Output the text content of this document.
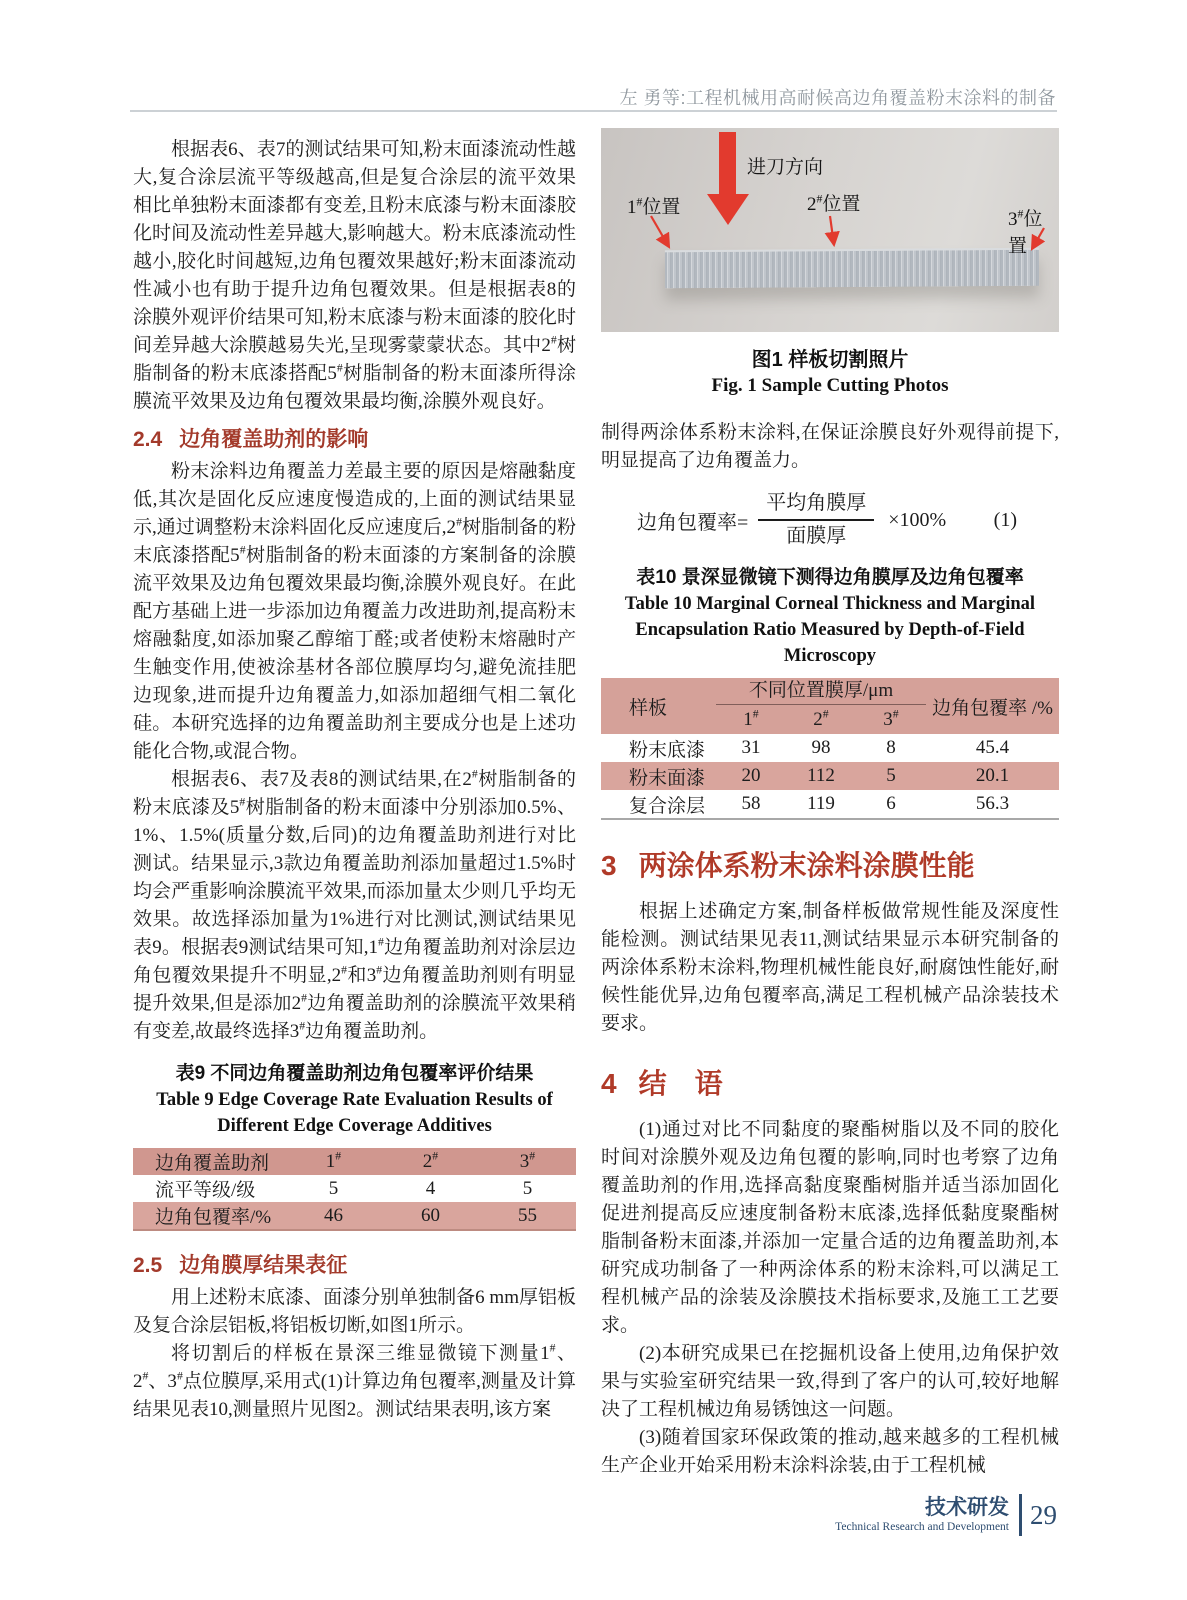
左 勇等:工程机械用高耐候高边角覆盖粉末涂料的制备

根据表6、表7的测试结果可知,粉末面漆流动性越大,复合涂层流平等级越高,但是复合涂层的流平效果相比单独粉末面漆都有变差,且粉末底漆与粉末面漆胶化时间及流动性差异越大,影响越大。粉末底漆流动性越小,胶化时间越短,边角包覆效果越好;粉末面漆流动性减小也有助于提升边角包覆效果。但是根据表8的涂膜外观评价结果可知,粉末底漆与粉末面漆的胶化时间差异越大涂膜越易失光,呈现雾蒙蒙状态。其中2#树脂制备的粉末底漆搭配5#树脂制备的粉末面漆所得涂膜流平效果及边角包覆效果最均衡,涂膜外观良好。

2.4 边角覆盖助剂的影响

粉末涂料边角覆盖力差最主要的原因是熔融黏度低,其次是固化反应速度慢造成的,上面的测试结果显示,通过调整粉末涂料固化反应速度后,2#树脂制备的粉末底漆搭配5#树脂制备的粉末面漆的方案制备的涂膜流平效果及边角包覆效果最均衡,涂膜外观良好。在此配方基础上进一步添加边角覆盖力改进助剂,提高粉末熔融黏度,如添加聚乙醇缩丁醛;或者使粉末熔融时产生触变作用,使被涂基材各部位膜厚均匀,避免流挂肥边现象,进而提升边角覆盖力,如添加超细气相二氧化硅。本研究选择的边角覆盖助剂主要成分也是上述功能化合物,或混合物。

根据表6、表7及表8的测试结果,在2#树脂制备的粉末底漆及5#树脂制备的粉末面漆中分别添加0.5%、1%、1.5%(质量分数,后同)的边角覆盖助剂进行对比测试。结果显示,3款边角覆盖助剂添加量超过1.5%时均会严重影响涂膜流平效果,而添加量太少则几乎均无效果。故选择添加量为1%进行对比测试,测试结果见表9。根据表9测试结果可知,1#边角覆盖助剂对涂层边角包覆效果提升不明显,2#和3#边角覆盖助剂则有明显提升效果,但是添加2#边角覆盖助剂的涂膜流平效果稍有变差,故最终选择3#边角覆盖助剂。

表9 不同边角覆盖助剂边角包覆率评价结果
Table 9 Edge Coverage Rate Evaluation Results of
Different Edge Coverage Additives
边角覆盖助剂	1#	2#	3#
流平等级/级	5	4	5
边角包覆率/%	46	60	55
2.5 边角膜厚结果表征

用上述粉末底漆、面漆分别单独制备6 mm厚铝板及复合涂层铝板,将铝板切断,如图1所示。

将切割后的样板在景深三维显微镜下测量1#、2#、3#点位膜厚,采用式(1)计算边角包覆率,测量及计算结果见表10,测量照片见图2。测试结果表明,该方案

进刀方向
1#位置	2#位置
3#位置
图1 样板切割照片
Fig. 1 Sample Cutting Photos

制得两涂体系粉末涂料,在保证涂膜良好外观得前提下,明显提高了边角覆盖力。

边角包覆率= $\frac{\text{平均角膜厚}}{\text{面膜厚}} \times 100\%$ (1)
表10 景深显微镜下测得边角膜厚及边角包覆率
Table 10 Marginal Corneal Thickness and Marginal
Encapsulation Ratio Measured by Depth-of-Field
Microscopy
样板
不同位置膜厚/μm
1#	2#	3#	边角包覆率 /%
粉末底漆	31	98	8	45.4
粉末面漆	20	112	5	20.1
复合涂层	58	119	6	56.3
3 两涂体系粉末涂料涂膜性能

根据上述确定方案,制备样板做常规性能及深度性能检测。测试结果见表11,测试结果显示本研究制备的两涂体系粉末涂料,物理机械性能良好,耐腐蚀性能好,耐候性能优异,边角包覆率高,满足工程机械产品涂装技术要求。

4 结　语

(1)通过对比不同黏度的聚酯树脂以及不同的胶化时间对涂膜外观及边角包覆的影响,同时也考察了边角覆盖助剂的作用,选择高黏度聚酯树脂并适当添加固化促进剂提高反应速度制备粉末底漆,选择低黏度聚酯树脂制备粉末面漆,并添加一定量合适的边角覆盖助剂,本研究成功制备了一种两涂体系的粉末涂料,可以满足工程机械产品的涂装及涂膜技术指标要求,及施工工艺要求。

(2)本研究成果已在挖掘机设备上使用,边角保护效果与实验室研究结果一致,得到了客户的认可,较好地解决了工程机械边角易锈蚀这一问题。

(3)随着国家环保政策的推动,越来越多的工程机械生产企业开始采用粉末涂料涂装,由于工程机械

技术研发
Technical Research and Development 29
